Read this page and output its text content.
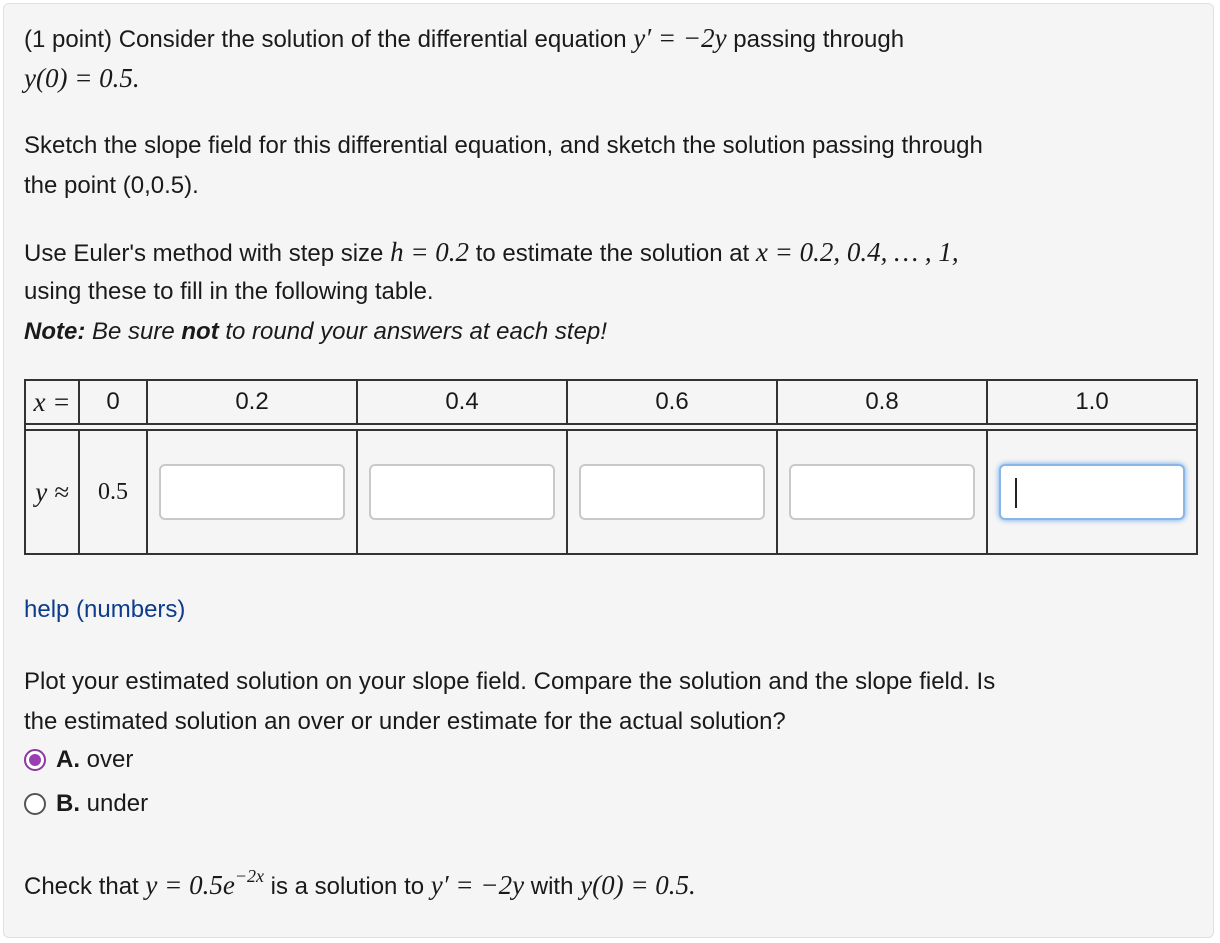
(1 point) Consider the solution of the differential equation y′ = −2y passing through
y(0) = 0.5.
Sketch the slope field for this differential equation, and sketch the solution passing through
the point (0,0.5).
Use Euler's method with step size h = 0.2 to estimate the solution at x = 0.2, 0.4, … , 1,
using these to fill in the following table.
Note: Be sure not to round your answers at each step!
x =	0	0.2	0.4	0.6	0.8	1.0

y ≈	0.5					
help (numbers)
Plot your estimated solution on your slope field. Compare the solution and the slope field. Is
the estimated solution an over or under estimate for the actual solution?
A.
over
B.
under
Check that $y = 0.5e^{-2x}$ is a solution to y′ = −2y with y(0) = 0.5.
